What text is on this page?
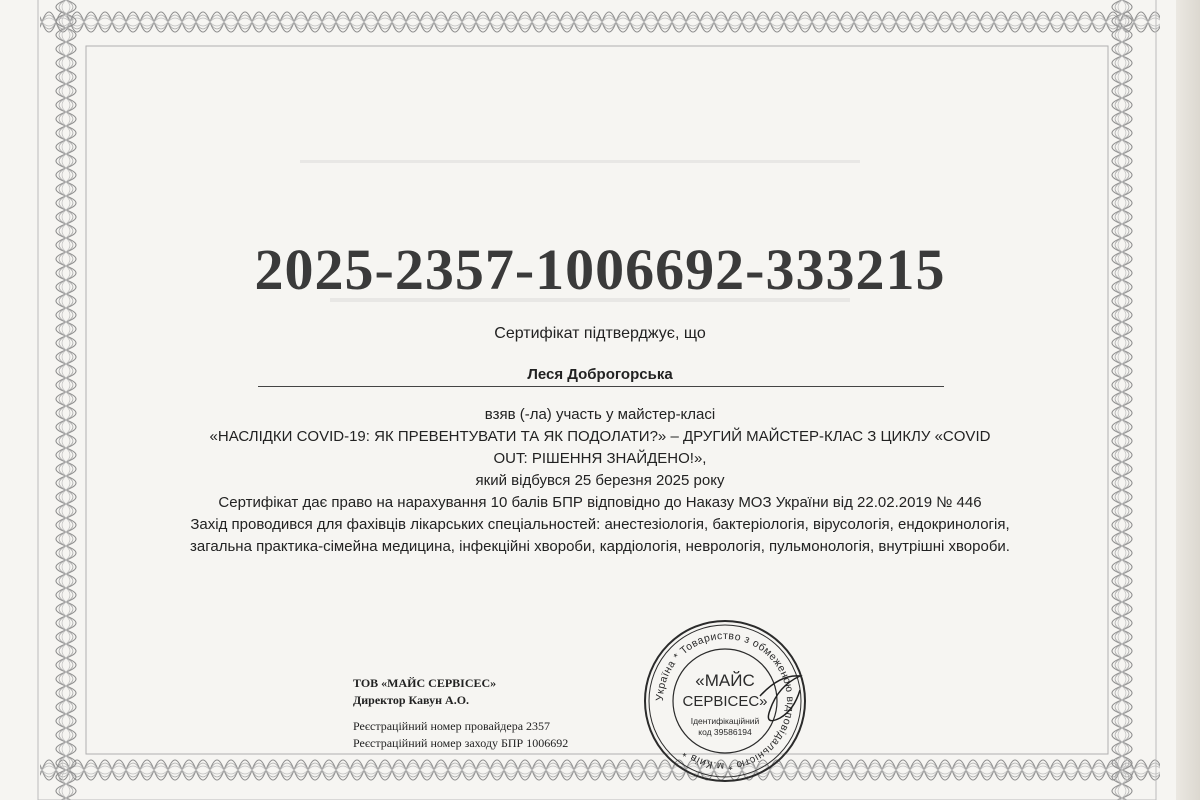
2025-2357-1006692-333215
Сертифікат підтверджує, що
Леся Доброгорська
взяв (-ла) участь у майстер-класі
«НАСЛІДКИ COVID-19: ЯК ПРЕВЕНТУВАТИ ТА ЯК ПОДОЛАТИ?» – ДРУГИЙ МАЙСТЕР-КЛАС З ЦИКЛУ «COVID
OUT: РІШЕННЯ ЗНАЙДЕНО!»,
який відбувся 25 березня 2025 року
Сертифікат дає право на нарахування 10 балів БПР відповідно до Наказу МОЗ України від 22.02.2019 № 446
Захід проводився для фахівців лікарських спеціальностей: анестезіологія, бактеріологія, вірусологія, ендокринологія,
загальна практика-сімейна медицина, інфекційні хвороби, кардіологія, неврологія, пульмонологія, внутрішні хвороби.
ТОВ «МАЙС СЕРВІСЕС»
Директор Кавун А.О.
Реєстраційний номер провайдера 2357
Реєстраційний номер заходу БПР 1006692
Україна * Товариство з обмеженою відповідальністю * м.Київ *
«МАЙС
СЕРВІСЕС»
Ідентифікаційний
код 39586194
